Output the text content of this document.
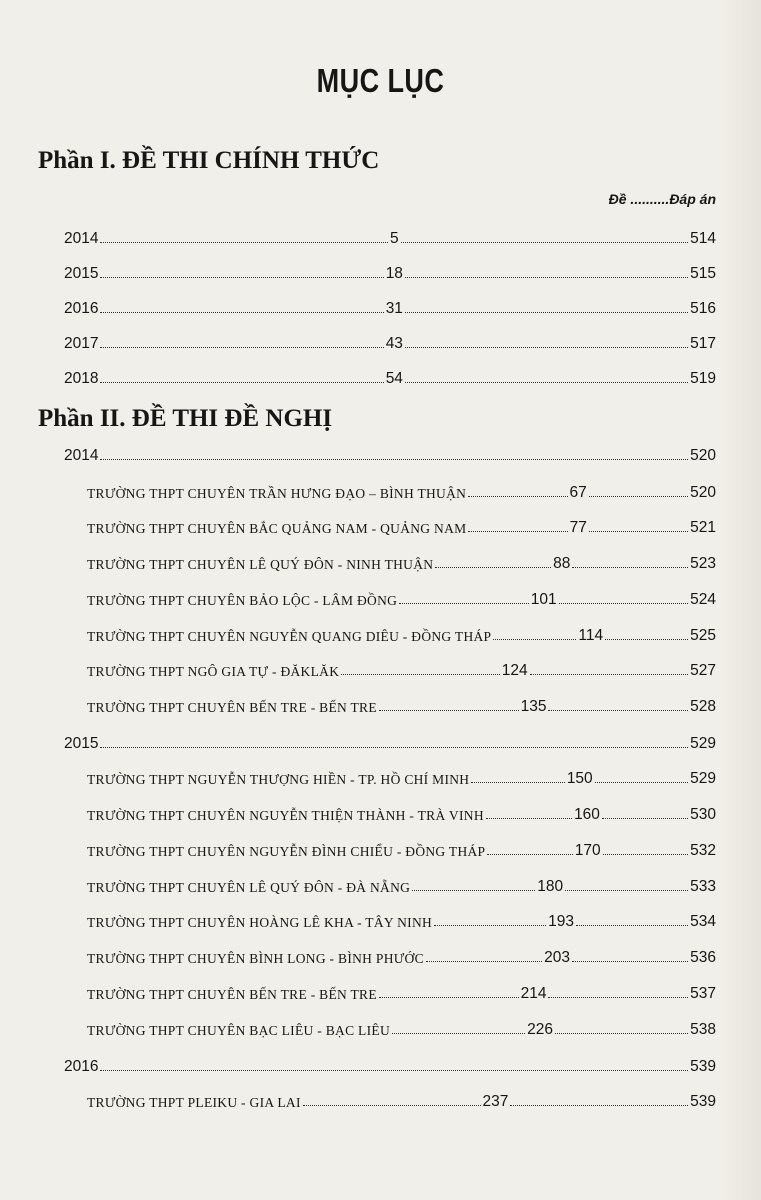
MỤC LỤC
Phần I. ĐỀ THI CHÍNH THỨC
Đề ..........Đáp án
2014	5	514
2015	18	515
2016	31	516
2017	43	517
2018	54	519
Phần II. ĐỀ THI ĐỀ NGHỊ
2014	520
TRƯỜNG THPT CHUYÊN TRẦN HƯNG ĐẠO – BÌNH THUẬN	67	520
TRƯỜNG THPT CHUYÊN BẮC QUẢNG NAM - QUẢNG NAM	77	521
TRƯỜNG THPT CHUYÊN LÊ QUÝ ĐÔN - NINH THUẬN	88	523
TRƯỜNG THPT CHUYÊN BẢO LỘC - LÂM ĐỒNG	101	524
TRƯỜNG THPT CHUYÊN NGUYỄN QUANG DIÊU - ĐỒNG THÁP	114	525
TRƯỜNG THPT NGÔ GIA TỰ - ĐĂKLĂK	124	527
TRƯỜNG THPT CHUYÊN BẾN TRE - BẾN TRE	135	528
2015	529
TRƯỜNG THPT NGUYỄN THƯỢNG HIỀN - TP. HỒ CHÍ MINH	150	529
TRƯỜNG THPT CHUYÊN NGUYỄN THIỆN THÀNH - TRÀ VINH	160	530
TRƯỜNG THPT CHUYÊN NGUYỄN ĐÌNH CHIỂU - ĐỒNG THÁP	170	532
TRƯỜNG THPT CHUYÊN LÊ QUÝ ĐÔN - ĐÀ NẴNG	180	533
TRƯỜNG THPT CHUYÊN HOÀNG LÊ KHA - TÂY NINH	193	534
TRƯỜNG THPT CHUYÊN BÌNH LONG - BÌNH PHƯỚC	203	536
TRƯỜNG THPT CHUYÊN BẾN TRE - BẾN TRE	214	537
TRƯỜNG THPT CHUYÊN BẠC LIÊU - BẠC LIÊU	226	538
2016	539
TRƯỜNG THPT PLEIKU - GIA LAI	237	539
